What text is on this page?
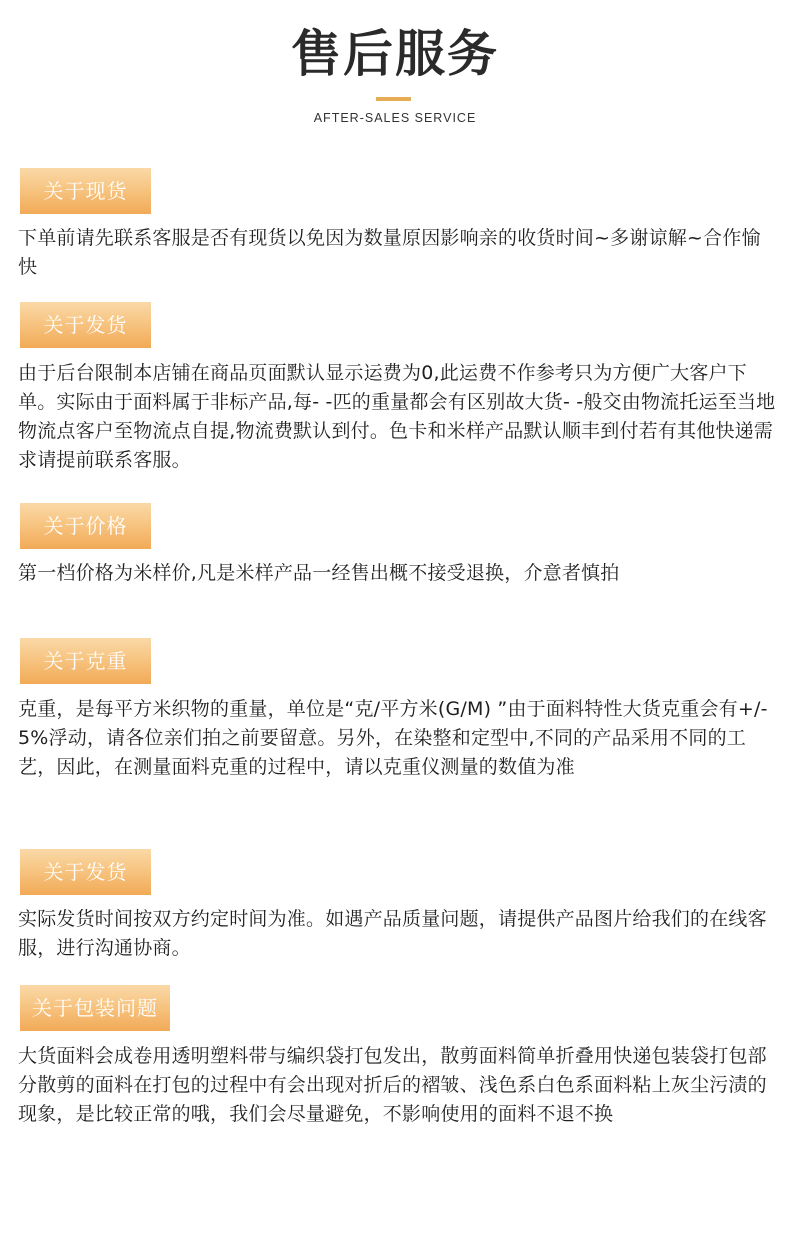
售后服务
AFTER-SALES SERVICE
关于现货
下单前请先联系客服是否有现货以免因为数量原因影响亲的收货时间~多谢谅解~合作愉快
关于发货
由于后台限制本店铺在商品页面默认显示运费为0,此运费不作参考只为方便广大客户下单。实际由于面料属于非标产品,每- -匹的重量都会有区别故大货- -般交由物流托运至当地物流点客户至物流点自提,物流费默认到付。色卡和米样产品默认顺丰到付若有其他快递需求请提前联系客服。
关于价格
第一档价格为米样价,凡是米样产品一经售出概不接受退换，介意者慎拍
关于克重
克重，是每平方米织物的重量，单位是“克/平方米(G/M) ”由于面料特性大货克重会有+/-5%浮动，请各位亲们拍之前要留意。另外，在染整和定型中,不同的产品采用不同的工艺，因此，在测量面料克重的过程中，请以克重仪测量的数值为准
关于发货
实际发货时间按双方约定时间为准。如遇产品质量问题，请提供产品图片给我们的在线客服，进行沟通协商。
关于包装问题
大货面料会成卷用透明塑料带与编织袋打包发出，散剪面料简单折叠用快递包装袋打包部分散剪的面料在打包的过程中有会出现对折后的褶皱、浅色系白色系面料粘上灰尘污渍的现象，是比较正常的哦，我们会尽量避免，不影响使用的面料不退不换
